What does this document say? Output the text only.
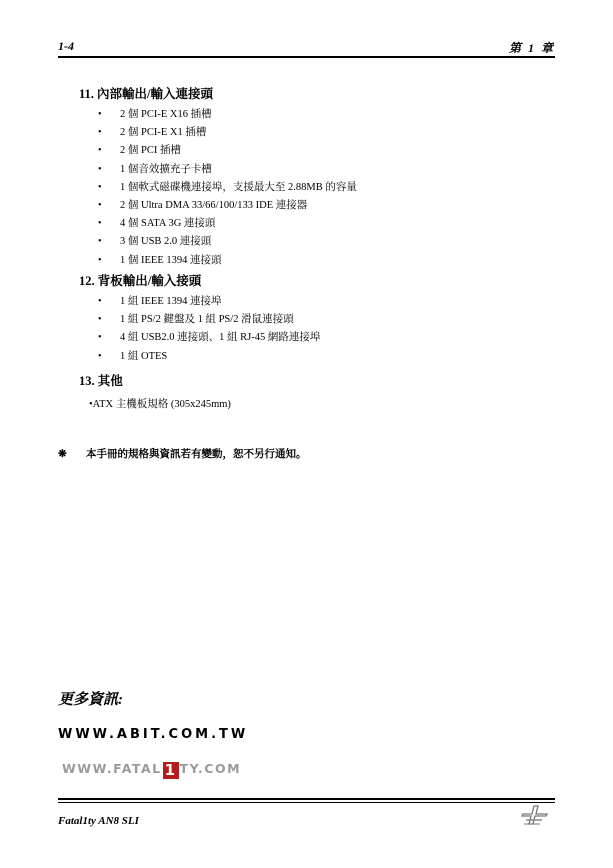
1-4	第 1 章
11. 內部輸出/輸入連接頭
• 2 個 PCI-E X16 插槽
• 2 個 PCI-E X1 插槽
• 2 個 PCI 插槽
• 1 個音效擴充子卡槽
• 1 個軟式磁碟機連接埠，支援最大至 2.88MB 的容量
• 2 個 Ultra DMA 33/66/100/133 IDE 連接器
• 4 個 SATA 3G 連接頭
• 3 個 USB 2.0 連接頭
• 1 個 IEEE 1394 連接頭
12. 背板輸出/輸入接頭
• 1 組 IEEE 1394 連接埠
• 1 組 PS/2 鍵盤及 1 組 PS/2 滑鼠連接頭
• 4 組 USB2.0 連接頭、1 組 RJ-45 網路連接埠
• 1 組 OTES
13. 其他
•ATX 主機板規格 (305x245mm)
❋ 本手冊的規格與資訊若有變動，恕不另行通知。
更多資訊:
WWW.ABIT.COM.TW
WWW.FATAL 1 TY.COM
Fatal1ty AN8 SLI
